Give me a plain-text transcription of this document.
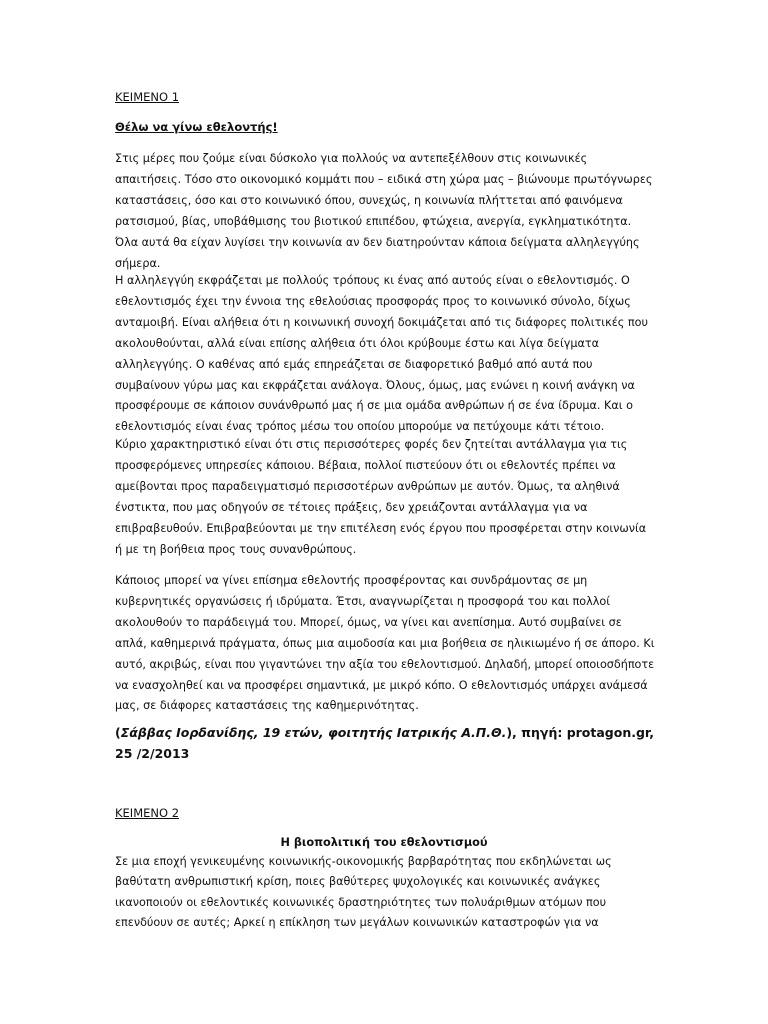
ΚΕΙΜΕΝΟ 1
Θέλω να γίνω εθελοντής!
Στις μέρες που ζούμε είναι δύσκολο για πολλούς να αντεπεξέλθουν στις κοινωνικές απαιτήσεις. Τόσο στο οικονομικό κομμάτι που – ειδικά στη χώρα μας – βιώνουμε πρωτόγνωρες καταστάσεις, όσο και στο κοινωνικό όπου, συνεχώς, η κοινωνία πλήττεται από φαινόμενα ρατσισμού, βίας, υποβάθμισης του βιοτικού επιπέδου, φτώχεια, ανεργία, εγκληματικότητα. Όλα αυτά θα είχαν λυγίσει την κοινωνία αν δεν διατηρούνταν κάποια δείγματα αλληλεγγύης σήμερα.
Η αλληλεγγύη εκφράζεται με πολλούς τρόπους κι ένας από αυτούς είναι ο εθελοντισμός. Ο εθελοντισμός έχει την έννοια της εθελούσιας προσφοράς προς το κοινωνικό σύνολο, δίχως ανταμοιβή. Είναι αλήθεια ότι η κοινωνική συνοχή δοκιμάζεται από τις διάφορες πολιτικές που ακολουθούνται, αλλά είναι επίσης αλήθεια ότι όλοι κρύβουμε έστω και λίγα δείγματα αλληλεγγύης. Ο καθένας από εμάς επηρεάζεται σε διαφορετικό βαθμό από αυτά που συμβαίνουν γύρω μας και εκφράζεται ανάλογα. Όλους, όμως, μας ενώνει η κοινή ανάγκη να προσφέρουμε σε κάποιον συνάνθρωπό μας ή σε μια ομάδα ανθρώπων ή σε ένα ίδρυμα. Και ο εθελοντισμός είναι ένας τρόπος μέσω του οποίου μπορούμε να πετύχουμε κάτι τέτοιο.
Κύριο χαρακτηριστικό είναι ότι στις περισσότερες φορές δεν ζητείται αντάλλαγμα για τις προσφερόμενες υπηρεσίες κάποιου. Βέβαια, πολλοί πιστεύουν ότι οι εθελοντές πρέπει να αμείβονται προς παραδειγματισμό περισσοτέρων ανθρώπων με αυτόν. Όμως, τα αληθινά ένστικτα, που μας οδηγούν σε τέτοιες πράξεις, δεν χρειάζονται αντάλλαγμα για να επιβραβευθούν. Επιβραβεύονται με την επιτέλεση ενός έργου που προσφέρεται στην κοινωνία ή με τη βοήθεια προς τους συνανθρώπους.
Κάποιος μπορεί να γίνει επίσημα εθελοντής προσφέροντας και συνδράμοντας σε μη κυβερνητικές οργανώσεις ή ιδρύματα. Έτσι, αναγνωρίζεται η προσφορά του και πολλοί ακολουθούν το παράδειγμά του. Μπορεί, όμως, να γίνει και ανεπίσημα. Αυτό συμβαίνει σε απλά, καθημερινά πράγματα, όπως μια αιμοδοσία και μια βοήθεια σε ηλικιωμένο ή σε άπορο. Κι αυτό, ακριβώς, είναι που γιγαντώνει την αξία του εθελοντισμού. Δηλαδή, μπορεί οποιοσδήποτε να ενασχοληθεί και να προσφέρει σημαντικά, με μικρό κόπο. Ο εθελοντισμός υπάρχει ανάμεσά μας, σε διάφορες καταστάσεις της καθημερινότητας.
(Σάββας Ιορδανίδης, 19 ετών, φοιτητής Ιατρικής Α.Π.Θ.), πηγή: protagon.gr, 25 /2/2013
ΚΕΙΜΕΝΟ 2
Η βιοπολιτική του εθελοντισμού
Σε μια εποχή γενικευμένης κοινωνικής-οικονομικής βαρβαρότητας που εκδηλώνεται ως βαθύτατη ανθρωπιστική κρίση, ποιες βαθύτερες ψυχολογικές και κοινωνικές ανάγκες ικανοποιούν οι εθελοντικές κοινωνικές δραστηριότητες των πολυάριθμων ατόμων που επενδύουν σε αυτές; Αρκεί η επίκληση των μεγάλων κοινωνικών καταστροφών για να
